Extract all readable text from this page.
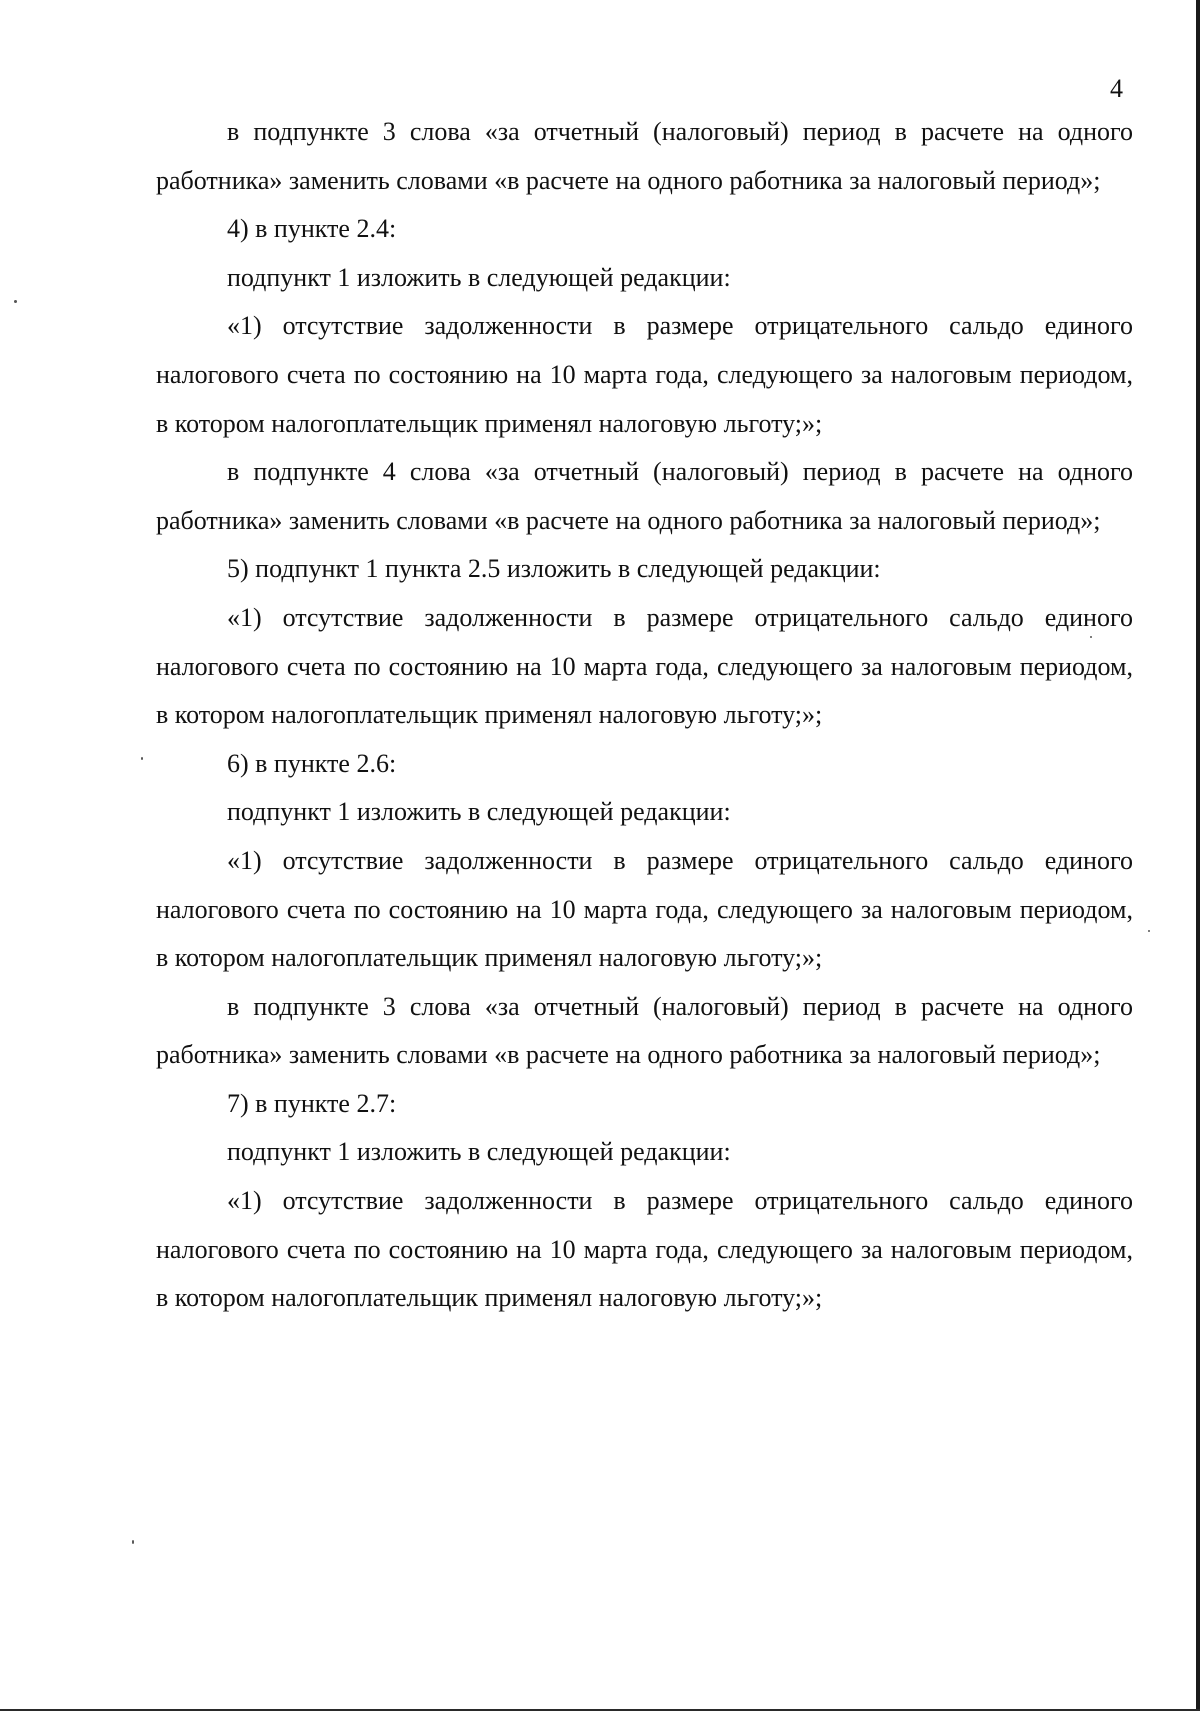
4

в подпункте 3 слова «за отчетный (налоговый) период в расчете на одного работника» заменить словами «в расчете на одного работника за налоговый период»;

4) в пункте 2.4:

подпункт 1 изложить в следующей редакции:

«1) отсутствие задолженности в размере отрицательного сальдо единого налогового счета по состоянию на 10 марта года, следующего за налоговым периодом, в котором налогоплательщик применял налоговую льготу;»;

в подпункте 4 слова «за отчетный (налоговый) период в расчете на одного работника» заменить словами «в расчете на одного работника за налоговый период»;

5) подпункт 1 пункта 2.5 изложить в следующей редакции:

«1) отсутствие задолженности в размере отрицательного сальдо единого налогового счета по состоянию на 10 марта года, следующего за налоговым периодом, в котором налогоплательщик применял налоговую льготу;»;

6) в пункте 2.6:

подпункт 1 изложить в следующей редакции:

«1) отсутствие задолженности в размере отрицательного сальдо единого налогового счета по состоянию на 10 марта года, следующего за налоговым периодом, в котором налогоплательщик применял налоговую льготу;»;

в подпункте 3 слова «за отчетный (налоговый) период в расчете на одного работника» заменить словами «в расчете на одного работника за налоговый период»;

7) в пункте 2.7:

подпункт 1 изложить в следующей редакции:

«1) отсутствие задолженности в размере отрицательного сальдо единого налогового счета по состоянию на 10 марта года, следующего за налоговым периодом, в котором налогоплательщик применял налоговую льготу;»;
